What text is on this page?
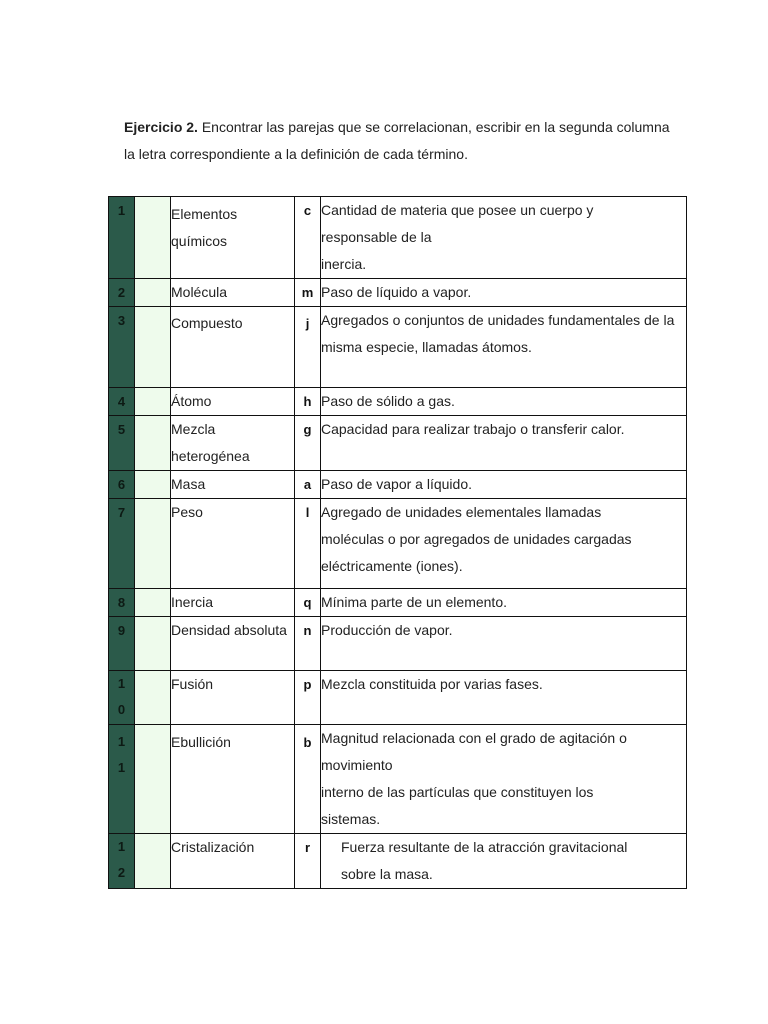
Ejercicio 2. Encontrar las parejas que se correlacionan, escribir en la segunda columna la letra correspondiente a la definición de cada término.
1		Elementos químicos	c	Cantidad de materia que posee un cuerpo y
responsable de la
inercia.

2		Molécula	m	Paso de líquido a vapor.

3		Compuesto	j	Agregados o conjuntos de unidades fundamentales de la
misma especie, llamadas átomos.

4		Átomo	h	Paso de sólido a gas.

5		Mezcla heterogénea	g	Capacidad para realizar trabajo o transferir calor.

6		Masa	a	Paso de vapor a líquido.

7		Peso	l	Agregado de unidades elementales llamadas
moléculas o por agregados de unidades cargadas
eléctricamente (iones).

8		Inercia	q	Mínima parte de un elemento.

9		Densidad absoluta	n	Producción de vapor.

10		Fusión	p	Mezcla constituida por varias fases.

11		Ebullición	b	Magnitud relacionada con el grado de agitación o
movimiento
interno de las partículas que constituyen los
sistemas.

12		Cristalización	r	Fuerza resultante de la atracción gravitacional
sobre la masa.
